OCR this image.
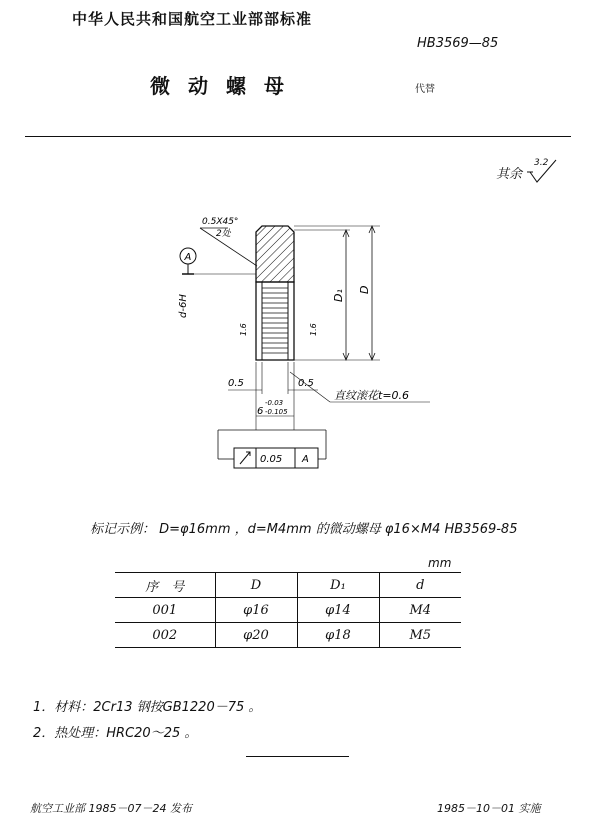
中华人民共和国航空工业部部标准
HB3569—85
微动螺母	代替
其余
3.2
0.5X45°
2处
A
d-6H	D₁ D
1.6	1.6
0.5	0.5
直纹滚花t=0.6
6
-0.03
-0.105
0.05 A
标记示例： D=φ16mm ，d=M4mm 的微动螺母 φ16×M4 HB3569-85
mm
序　号	D	D₁	d
001	φ16	φ14	M4
002	φ20	φ18	M5
1．材料：2Cr13 钢按GB1220－75 。
2．热处理：HRC20～25 。
航空工业部 1985－07－24 发布	1985－10－01 实施
